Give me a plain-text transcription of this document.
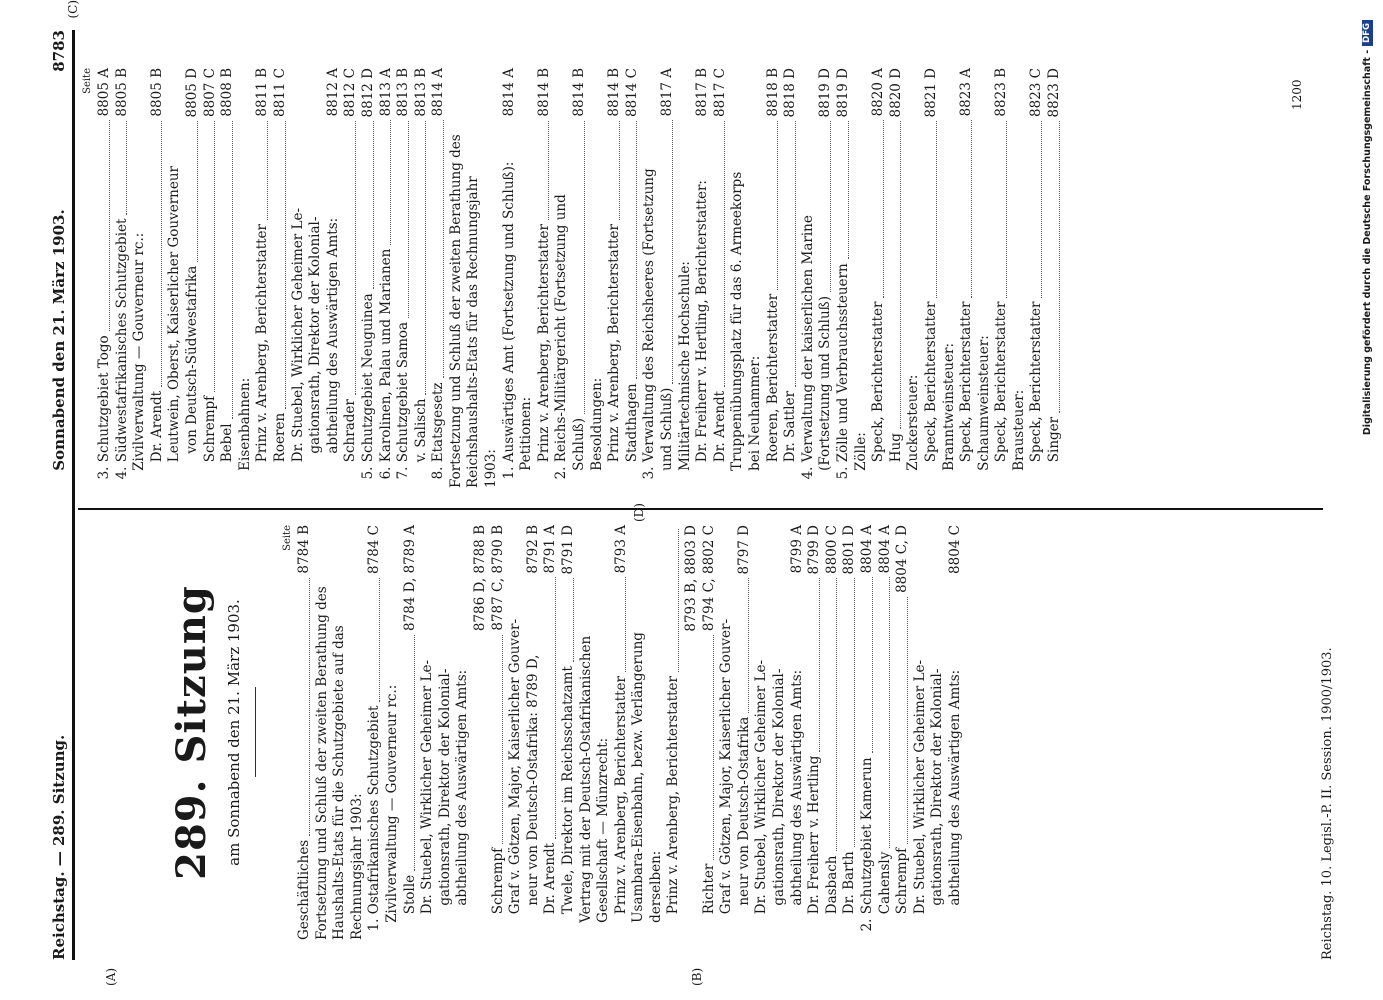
Reichstag. — 289. Sitzung.
Sonnabend den 21. März 1903.
8783
(A)	(B)
(C)
(D)
289. Sitzung am Sonnabend den 21. März 1903.
Seite
Geschäftliches
8784 B
Fortsetzung und Schluß der zweiten Berathung des Haushalts-Etats für die Schutzgebiete auf das Rechnungsjahr 1903: 1. Ostafrikanisches Schutzgebiet
8784 C
Zivilverwaltung — Gouverneur rc.: Stolle
8784 D, 8789 A
Dr. Stuebel, Wirklicher Geheimer Le- gationsrath, Direktor der Kolonial- abtheilung des Auswärtigen Amts:
8786 D, 8788 B
Schrempf
8787 C, 8790 B
Graf v. Götzen, Major, Kaiserlicher Gouver- neur von Deutsch-Ostafrika: 8789 D,
8792 B
Dr. Arendt
8791 A
Twele, Direktor im Reichsschatzamt
8791 D
Vertrag mit der Deutsch-Ostafrikanischen Gesellschaft — Münzrecht: Prinz v. Arenberg, Berichterstatter
8793 A
Usambara-Eisenbahn, bezw. Verlängerung derselben: Prinz v. Arenberg, Berichterstatter
8793 B, 8803 D
Richter
8794 C, 8802 C
Graf v. Götzen, Major, Kaiserlicher Gouver- neur von Deutsch-Ostafrika
8797 D
Dr. Stuebel, Wirklicher Geheimer Le- gationsrath, Direktor der Kolonial- abtheilung des Auswärtigen Amts:
8799 A
Dr. Freiherr v. Hertling
8799 D
Dasbach
8800 C
Dr. Barth
8801 D
2. Schutzgebiet Kamerun
8804 A
Cahensly
8804 A
Schrempf
8804 C, D
Dr. Stuebel, Wirklicher Geheimer Le- gationsrath, Direktor der Kolonial- abtheilung des Auswärtigen Amts:
8804 C
Seite
3. Schutzgebiet Togo
8805 A
4. Südwestafrikanisches Schutzgebiet
8805 B
Zivilverwaltung — Gouverneur rc.: Dr. Arendt
8805 B
Leutwein, Oberst, Kaiserlicher Gouverneur von Deutsch-Südwestafrika
8805 D
Schrempf
8807 C
Bebel
8808 B
Eisenbahnen: Prinz v. Arenberg, Berichterstatter
8811 B
Roeren
8811 C
Dr. Stuebel, Wirklicher Geheimer Le- gationsrath, Direktor der Kolonial- abtheilung des Auswärtigen Amts:
8812 A
Schrader
8812 C
5. Schutzgebiet Neuguinea
8812 D
6. Karolinen, Palau und Marianen
8813 A
7. Schutzgebiet Samoa
8813 B
v. Salisch
8813 B
8. Etatsgesetz
8814 A
Fortsetzung und Schluß der zweiten Berathung des Reichshaushalts-Etats für das Rechnungsjahr 1903: 1. Auswärtiges Amt (Fortsetzung und Schluß):
8814 A
Petitionen: Prinz v. Arenberg, Berichterstatter
8814 B
2. Reichs-Militärgericht (Fortsetzung und Schluß)
8814 B
Besoldungen: Prinz v. Arenberg, Berichterstatter
8814 B
Stadthagen
8814 C
3. Verwaltung des Reichsheeres (Fortsetzung und Schluß)
8817 A
Militärtechnische Hochschule: Dr. Freiherr v. Hertling, Berichterstatter:
8817 B
Dr. Arendt
8817 C
Truppenübungsplatz für das 6. Armeekorps bei Neuhammer: Roeren, Berichterstatter
8818 B
Dr. Sattler
8818 D
4. Verwaltung der kaiserlichen Marine (Fortsetzung und Schluß)
8819 D
5. Zölle und Verbrauchssteuern
8819 D
Zölle: Speck, Berichterstatter
8820 A
Hug
8820 D
Zuckersteuer: Speck, Berichterstatter
8821 D
Branntweinsteuer: Speck, Berichterstatter
8823 A
Schaumweinsteuer: Speck, Berichterstatter
8823 B
Brausteuer: Speck, Berichterstatter
8823 C
Singer
8823 D
Reichstag. 10. Legisl.-P. II. Session. 1900/1903.
1200	Digitalisierung gefördert durch die Deutsche Forschungsgemeinschaft -
DFG
